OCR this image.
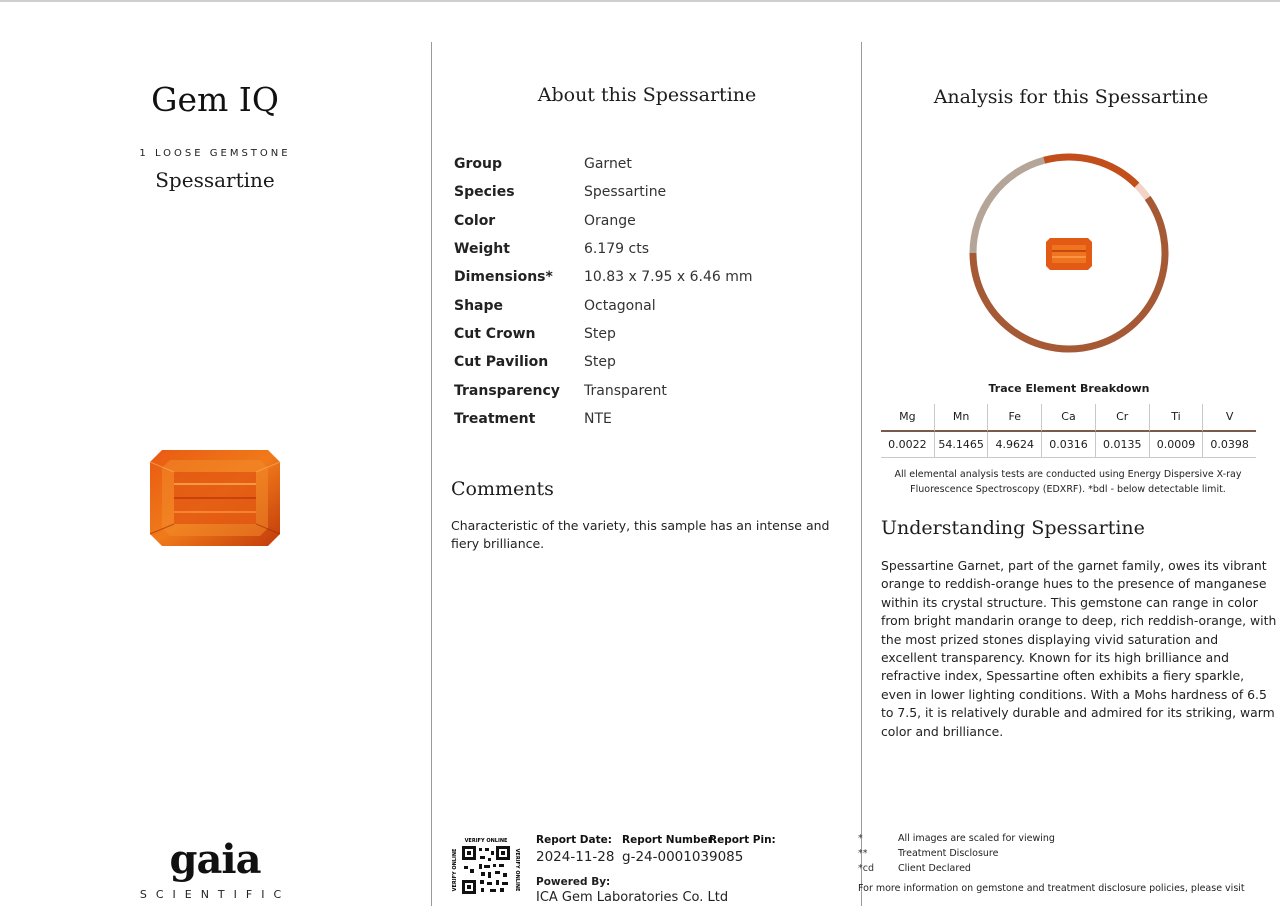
Gem IQ
1 LOOSE GEMSTONE
Spessartine
gaia
SCIENTIFIC
About this Spessartine
Group	Garnet
Species	Spessartine
Color	Orange
Weight	6.179 cts
Dimensions*	10.83 x 7.95 x 6.46 mm
Shape	Octagonal
Cut Crown	Step
Cut Pavilion	Step
Transparency	Transparent
Treatment	NTE
Comments
Characteristic of the variety, this sample has an intense and fiery brilliance.
VERIFY ONLINE
VERIFY ONLINE	VERIFY ONLINE
Report Date:
2024-11-28
Report Number:
g-24-000103
Report Pin:
9085
Powered By:
ICA Gem Laboratories Co. Ltd
Analysis for this Spessartine
Trace Element Breakdown
Mg	Mn	Fe	Ca	Cr	Ti	V
0.0022	54.1465	4.9624	0.0316	0.0135	0.0009	0.0398
All elemental analysis tests are conducted using Energy Dispersive X-ray Fluorescence Spectroscopy (EDXRF). *bdl - below detectable limit.
Understanding Spessartine
Spessartine Garnet, part of the garnet family, owes its vibrant orange to reddish-orange hues to the presence of manganese within its crystal structure. This gemstone can range in color from bright mandarin orange to deep, rich reddish-orange, with the most prized stones displaying vivid saturation and excellent transparency. Known for its high brilliance and refractive index, Spessartine often exhibits a fiery sparkle, even in lower lighting conditions. With a Mohs hardness of 6.5 to 7.5, it is relatively durable and admired for its striking, warm color and brilliance.
*	All images are scaled for viewing
**	Treatment Disclosure
*cd	Client Declared
For more information on gemstone and treatment disclosure policies, please visit
